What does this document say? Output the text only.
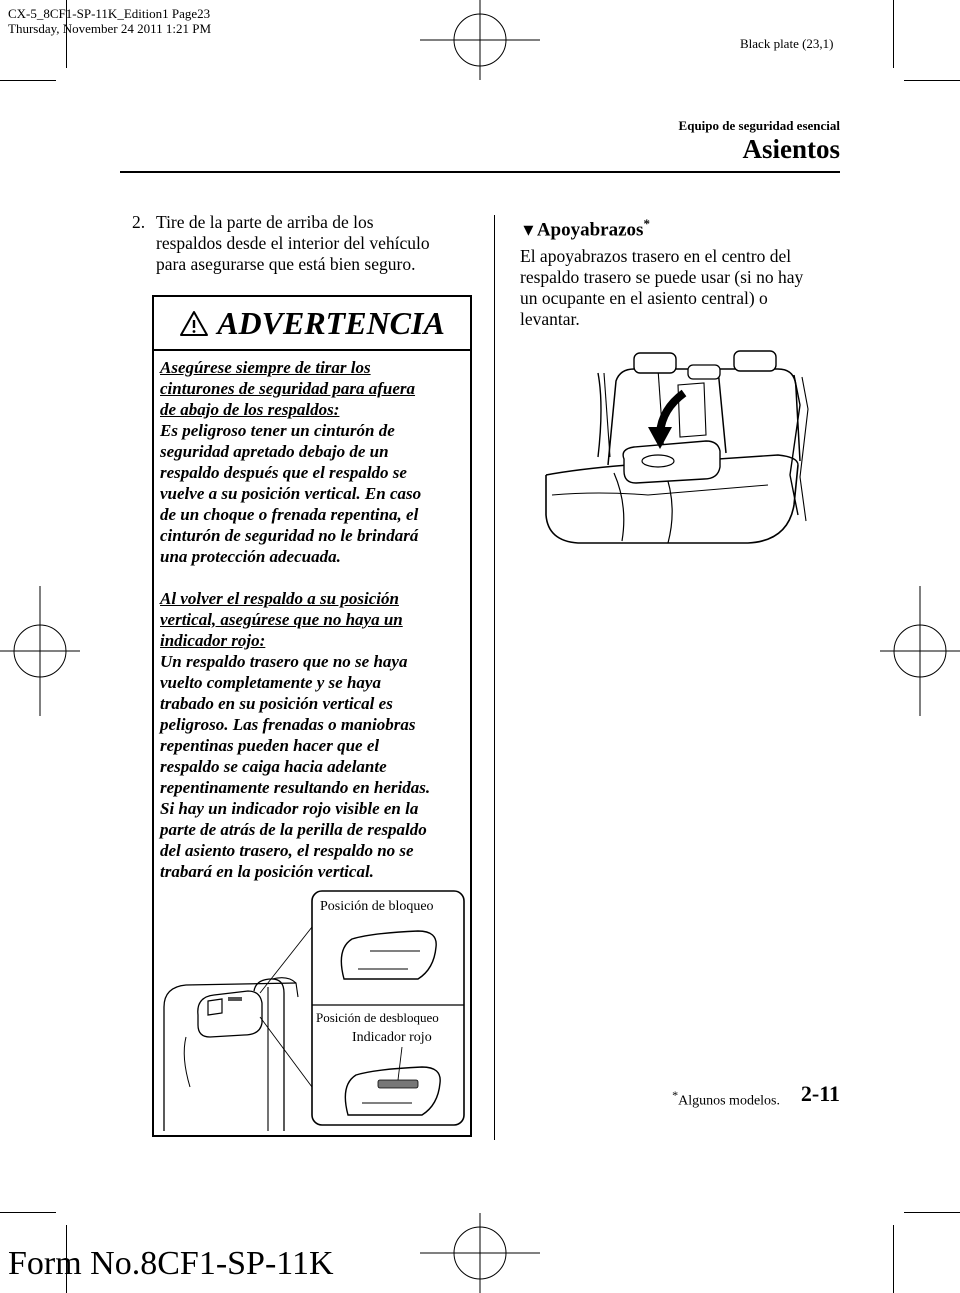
CX-5_8CF1-SP-11K_Edition1 Page23
Thursday, November 24 2011 1:21 PM
Black plate (23,1)
Equipo de seguridad esencial
Asientos
2. Tire de la parte de arriba de los
respaldos desde el interior del vehículo
para asegurarse que está bien seguro.
ADVERTENCIA
Asegúrese siempre de tirar los
cinturones de seguridad para afuera
de abajo de los respaldos:
Es peligroso tener un cinturón de
seguridad apretado debajo de un
respaldo después que el respaldo se
vuelve a su posición vertical. En caso
de un choque o frenada repentina, el
cinturón de seguridad no le brindará
una protección adecuada.
Al volver el respaldo a su posición
vertical, asegúrese que no haya un
indicador rojo:
Un respaldo trasero que no se haya
vuelto completamente y se haya
trabado en su posición vertical es
peligroso. Las frenadas o maniobras
repentinas pueden hacer que el
respaldo se caiga hacia adelante
repentinamente resultando en heridas.
Si hay un indicador rojo visible en la
parte de atrás de la perilla de respaldo
del asiento trasero, el respaldo no se
trabará en la posición vertical.
Posición de bloqueo
Posición de desbloqueo
Indicador rojo
▼Apoyabrazos*
El apoyabrazos trasero en el centro del
respaldo trasero se puede usar (si no hay
un ocupante en el asiento central) o
levantar.
*Algunos modelos. 2-11
Form No.8CF1-SP-11K
